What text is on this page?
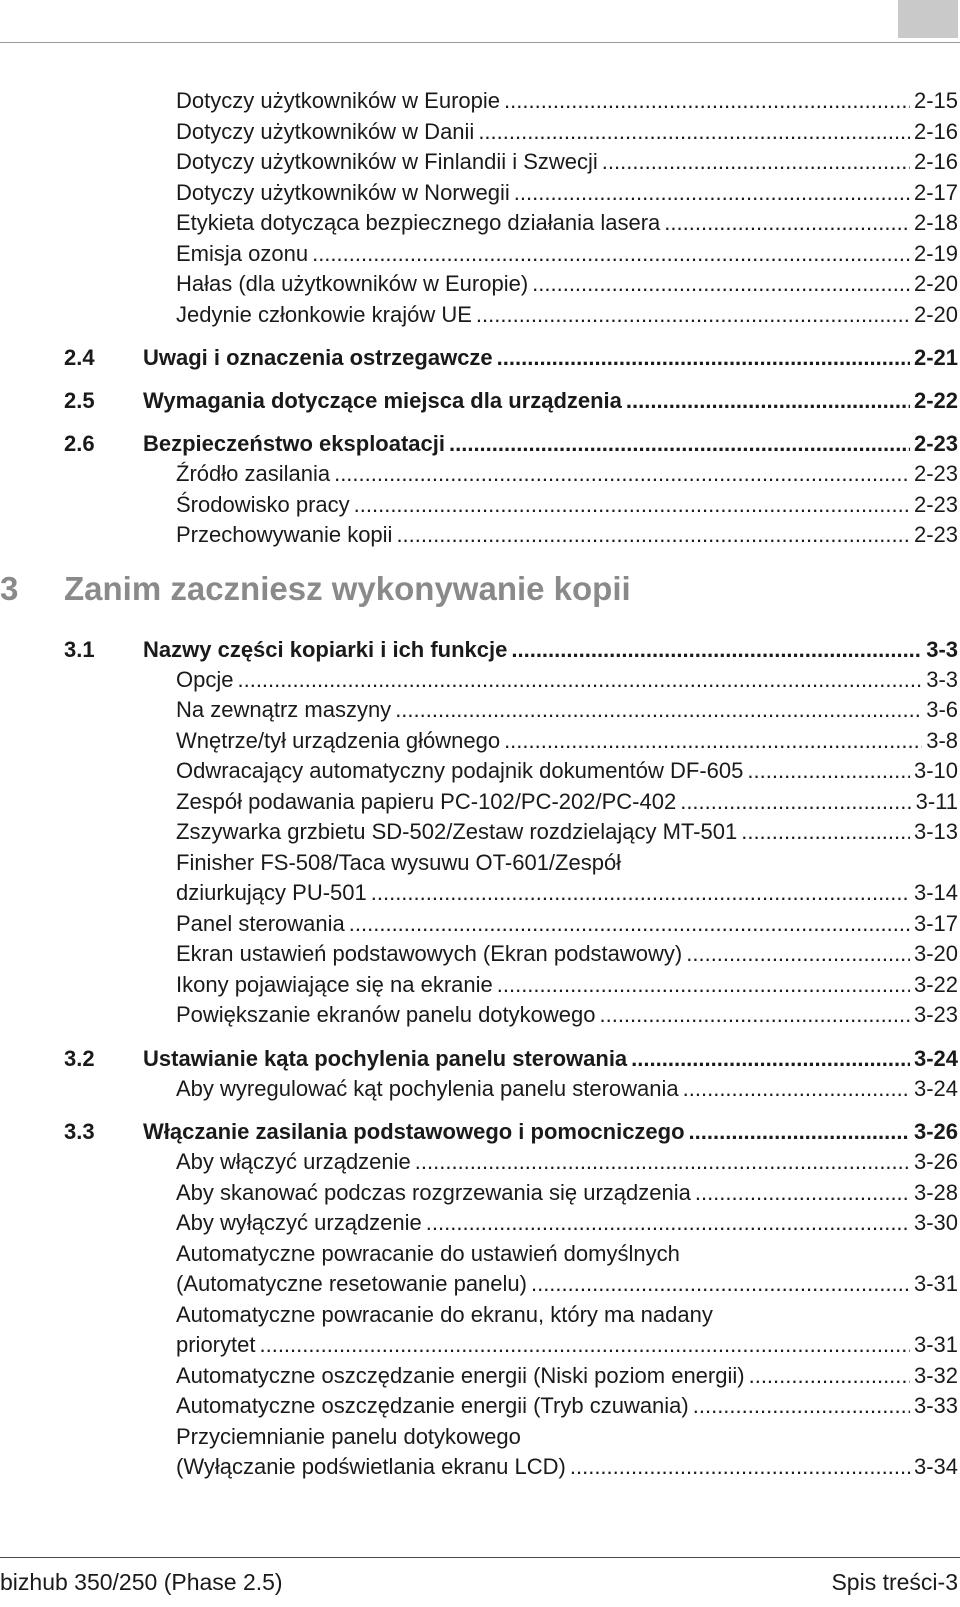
Dotyczy użytkowników w Europie .....	2-15
Dotyczy użytkowników w Danii .....	2-16
Dotyczy użytkowników w Finlandii i Szwecji .....	2-16
Dotyczy użytkowników w Norwegii .....	2-17
Etykieta dotycząca bezpiecznego działania lasera .....	2-18
Emisja ozonu .....	2-19
Hałas (dla użytkowników w Europie) .....	2-20
Jedynie członkowie krajów UE .....	2-20
2.4	Uwagi i oznaczenia ostrzegawcze .....	2-21
2.5	Wymagania dotyczące miejsca dla urządzenia .....	2-22
2.6	Bezpieczeństwo eksploatacji .....	2-23
Źródło zasilania .....	2-23
Środowisko pracy .....	2-23
Przechowywanie kopii .....	2-23
3	Zanim zaczniesz wykonywanie kopii
3.1	Nazwy części kopiarki i ich funkcje .....	3-3
Opcje .....	3-3
Na zewnątrz maszyny .....	3-6
Wnętrze/tył urządzenia głównego .....	3-8
Odwracający automatyczny podajnik dokumentów DF-605 .....	3-10
Zespół podawania papieru PC-102/PC-202/PC-402 .....	3-11
Zszywarka grzbietu SD-502/Zestaw rozdzielający MT-501 .....	3-13
Finisher FS-508/Taca wysuwu OT-601/Zespół
dziurkujący PU-501 .....	3-14
Panel sterowania .....	3-17
Ekran ustawień podstawowych (Ekran podstawowy) .....	3-20
Ikony pojawiające się na ekranie .....	3-22
Powiększanie ekranów panelu dotykowego .....	3-23
3.2	Ustawianie kąta pochylenia panelu sterowania .....	3-24
Aby wyregulować kąt pochylenia panelu sterowania .....	3-24
3.3	Włączanie zasilania podstawowego i pomocniczego .....	3-26
Aby włączyć urządzenie .....	3-26
Aby skanować podczas rozgrzewania się urządzenia .....	3-28
Aby wyłączyć urządzenie .....	3-30
Automatyczne powracanie do ustawień domyślnych
(Automatyczne resetowanie panelu) .....	3-31
Automatyczne powracanie do ekranu, który ma nadany
priorytet .....	3-31
Automatyczne oszczędzanie energii (Niski poziom energii) .....	3-32
Automatyczne oszczędzanie energii (Tryb czuwania) .....	3-33
Przyciemnianie panelu dotykowego
(Wyłączanie podświetlania ekranu LCD) .....	3-34
bizhub 350/250 (Phase 2.5)	Spis treści-3
